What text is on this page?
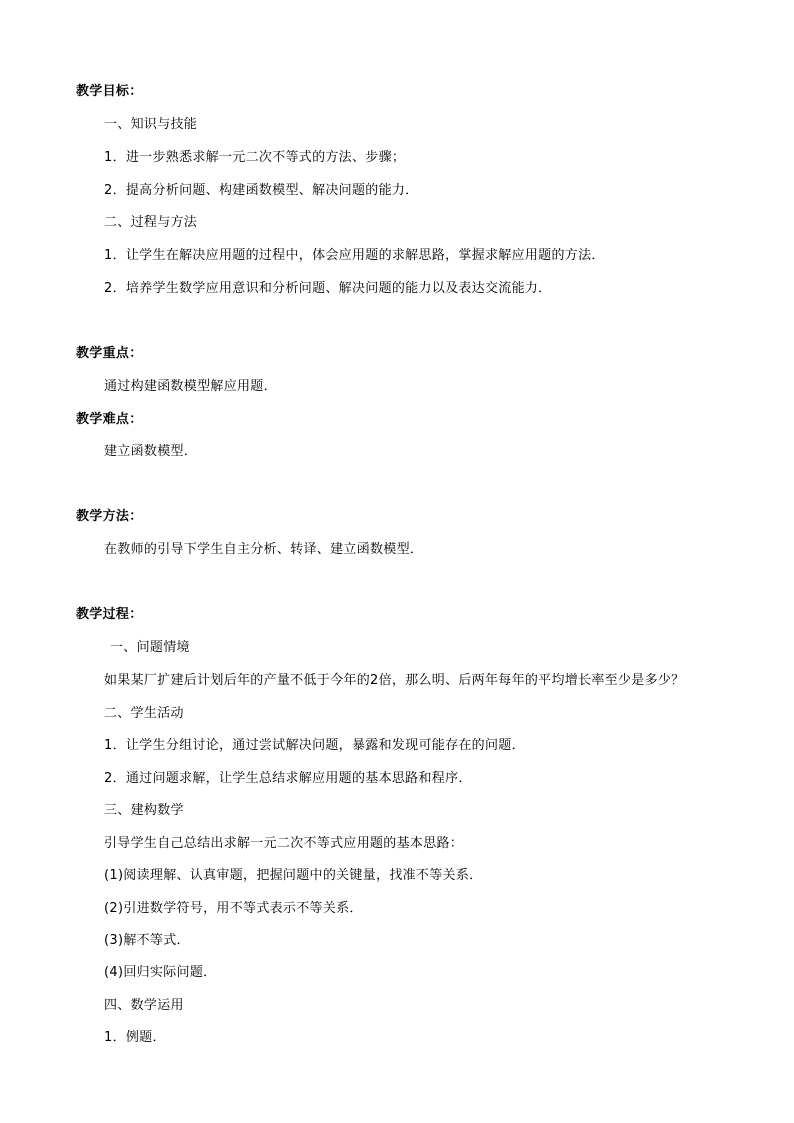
教学目标：
一、知识与技能
1．进一步熟悉求解一元二次不等式的方法、步骤；
2．提高分析问题、构建函数模型、解决问题的能力．
二、过程与方法
1．让学生在解决应用题的过程中，体会应用题的求解思路，掌握求解应用题的方法．
2．培养学生数学应用意识和分析问题、解决问题的能力以及表达交流能力．
教学重点：
通过构建函数模型解应用题．
教学难点：
建立函数模型．
教学方法：
在教师的引导下学生自主分析、转译、建立函数模型．
教学过程：
一、问题情境
如果某厂扩建后计划后年的产量不低于今年的2倍，那么明、后两年每年的平均增长率至少是多少？
二、学生活动
1．让学生分组讨论，通过尝试解决问题，暴露和发现可能存在的问题．
2．通过问题求解，让学生总结求解应用题的基本思路和程序．
三、建构数学
引导学生自己总结出求解一元二次不等式应用题的基本思路：
(1)阅读理解、认真审题，把握问题中的关键量，找准不等关系．
(2)引进数学符号，用不等式表示不等关系．
(3)解不等式．
(4)回归实际问题．
四、数学运用
1．例题．
